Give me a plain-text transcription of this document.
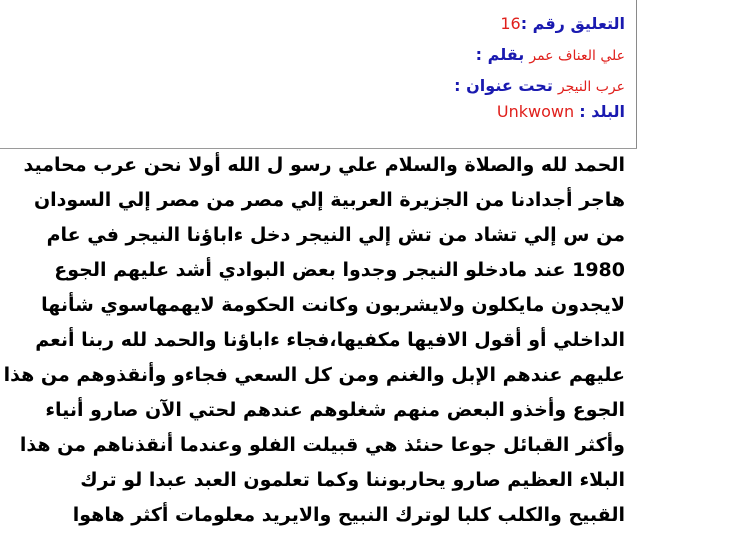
التعليق رقم :16
علي العناف عمر بقلم :
عرب النيجر تحت عنوان :
البلد : Unkwown
الحمد لله والصلاة والسلام علي رسو ل الله أولا نحن عرب محاميد
هاجر أجدادنا من الجزيرة العربية إلي مصر من مصر إلي السودان
من س إلي تشاد من تش إلي النيجر دخل ءاباؤنا النيجر في عام
1980 عند مادخلو النيجر وجدوا بعض البوادي أشد عليهم الجوع
لايجدون مايكلون ولايشربون وكانت الحكومة لايهمهاسوي شأنها
الداخلي أو أقول الافيها مكفيها،فجاء ءاباؤنا والحمد لله ربنا أنعم
عليهم عندهم الإبل والغنم ومن كل السعي فجاءو وأنقذوهم من هذا
الجوع وأخذو البعض منهم شغلوهم عندهم لحتي الآن صارو أنياء
وأكثر القبائل جوعا حنئذ هي قبيلت الفلو وعندما أنقذناهم من هذا
البلاء العظيم صارو يحاربوننا وكما تعلمون العبد عبدا لو ترك
القبيح والكلب كلبا لوترك النبيح والايريد معلومات أكثر هاهوا
